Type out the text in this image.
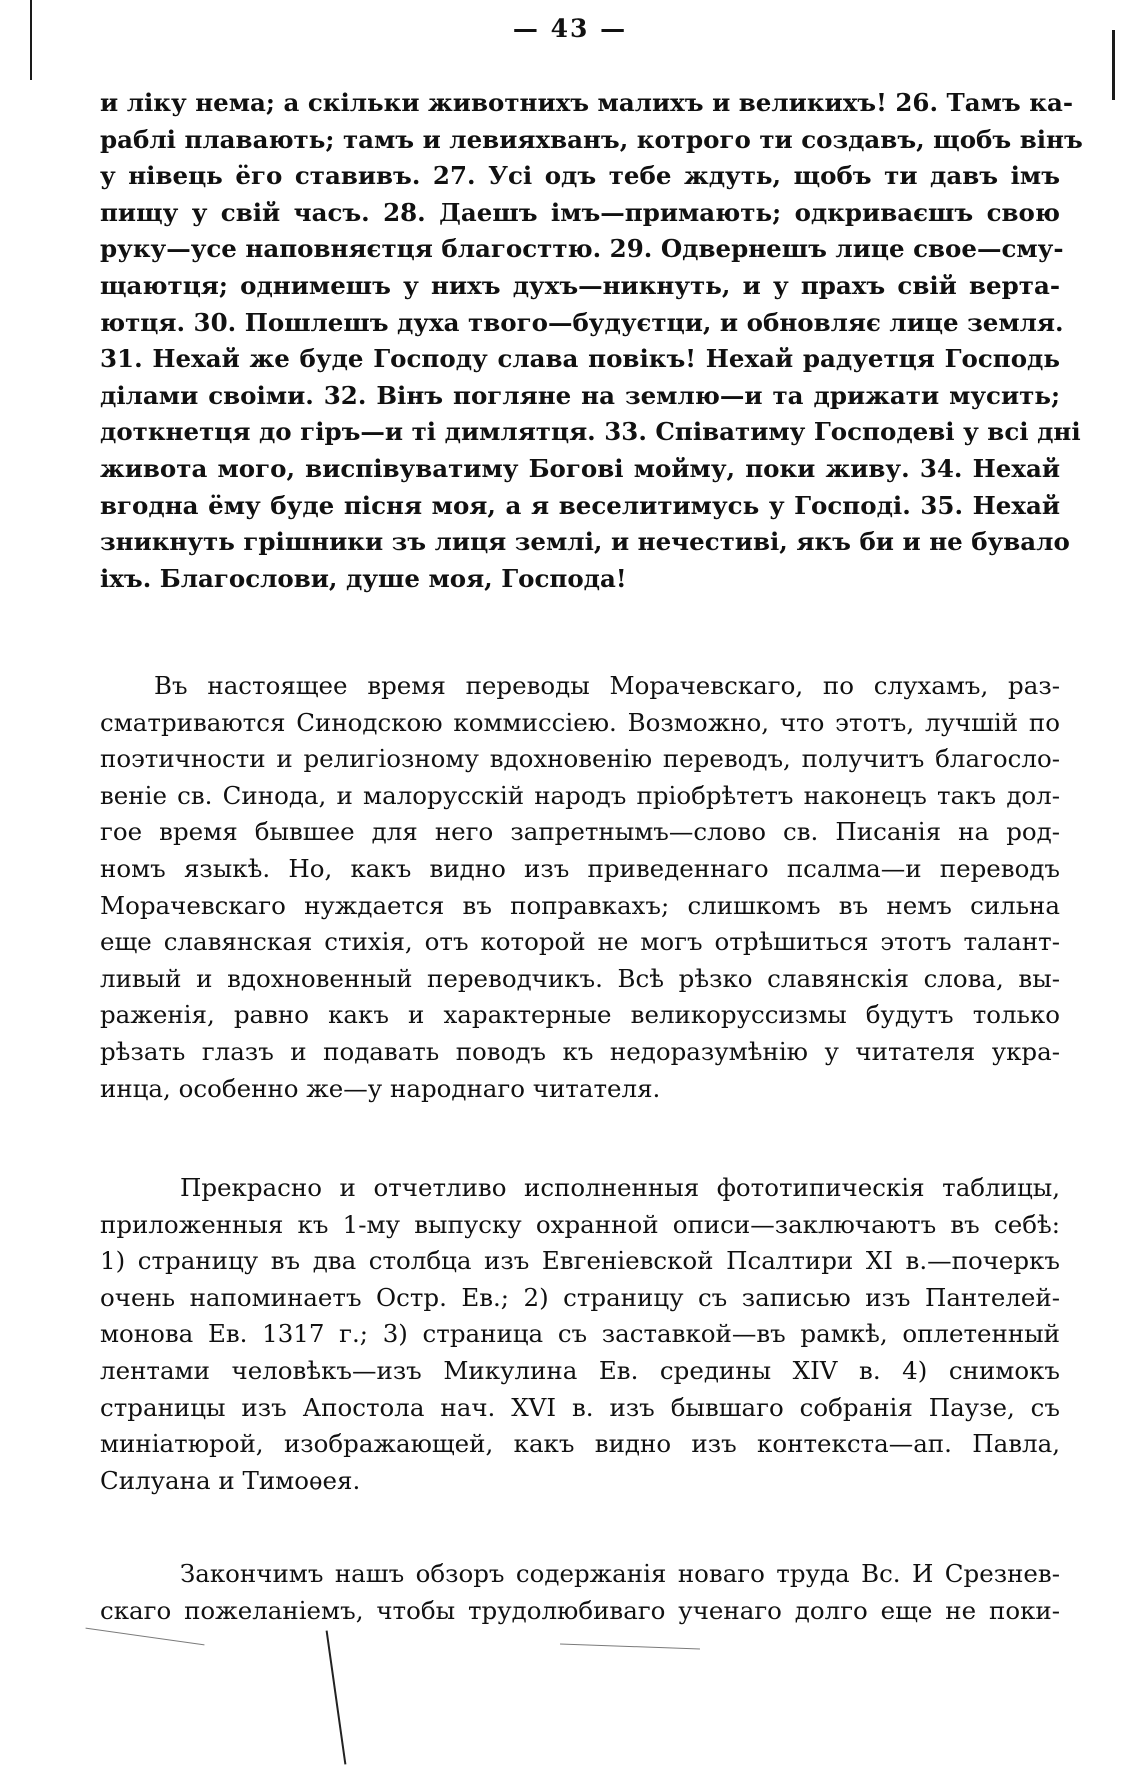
— 43 —
и ліку нема; а скільки животнихъ малихъ и великихъ! 26. Тамъ ка-
раблі плавають; тамъ и левияхванъ, котрого ти создавъ, щобъ вінъ
у нівець ёго ставивъ. 27. Усі одъ тебе ждуть, щобъ ти давъ імъ
пищу у свій часъ. 28. Даешъ імъ—примають; одкриваєшъ свою
руку—усе наповняєтця благосттю. 29. Одвернешъ лице свое—сму-
щаютця; однимешъ у нихъ духъ—никнуть, и у прахъ свій верта-
ютця. 30. Пошлешъ духа твого—будуєтци, и обновляє лице земля.
31. Нехай же буде Господу слава повікъ! Нехай радуетця Господь
ділами своіми. 32. Вінъ погляне на землю—и та дрижати мусить;
доткнетця до гіръ—и ті димлятця. 33. Співатиму Господеві у всі дні
живота мого, виспівуватиму Богові мойму, поки живу. 34. Нехай
вгодна ёму буде пісня моя, а я веселитимусь у Господі. 35. Нехай
зникнуть грішники зъ лиця землі, и нечестиві, якъ би и не бувало
іхъ. Благослови, душе моя, Господа!
Въ настоящее время переводы Морачевскаго, по слухамъ, раз-
сматриваются Синодскою коммиссіею. Возможно, что этотъ, лучшій по
поэтичности и религіозному вдохновенію переводъ, получитъ благосло-
веніе св. Синода, и малорусскій народъ пріобрѣтетъ наконецъ такъ дол-
гое время бывшее для него запретнымъ—слово св. Писанія на род-
номъ языкѣ. Но, какъ видно изъ приведеннаго псалма—и переводъ
Морачевскаго нуждается въ поправкахъ; слишкомъ въ немъ сильна
еще славянская стихія, отъ которой не могъ отрѣшиться этотъ талант-
ливый и вдохновенный переводчикъ. Всѣ рѣзко славянскія слова, вы-
раженія, равно какъ и характерные великоруссизмы будутъ только
рѣзать глазъ и подавать поводъ къ недоразумѣнію у читателя укра-
инца, особенно же—у народнаго читателя.
Прекрасно и отчетливо исполненныя фототипическія таблицы,
приложенныя къ 1-му выпуску охранной описи—заключаютъ въ себѣ:
1) страницу въ два столбца изъ Евгеніевской Псалтири XI в.—почеркъ
очень напоминаетъ Остр. Ев.; 2) страницу съ записью изъ Пантелей-
монова Ев. 1317 г.; 3) страница съ заставкой—въ рамкѣ, оплетенный
лентами человѣкъ—изъ Микулина Ев. средины XIV в. 4) снимокъ
страницы изъ Апостола нач. XVI в. изъ бывшаго собранія Паузе, съ
миніатюрой, изображающей, какъ видно изъ контекста—ап. Павла,
Силуана и Тимоѳея.
Закончимъ нашъ обзоръ содержанія новаго труда Вс. И Срезнев-
скаго пожеланіемъ, чтобы трудолюбиваго ученаго долго еще не поки-
